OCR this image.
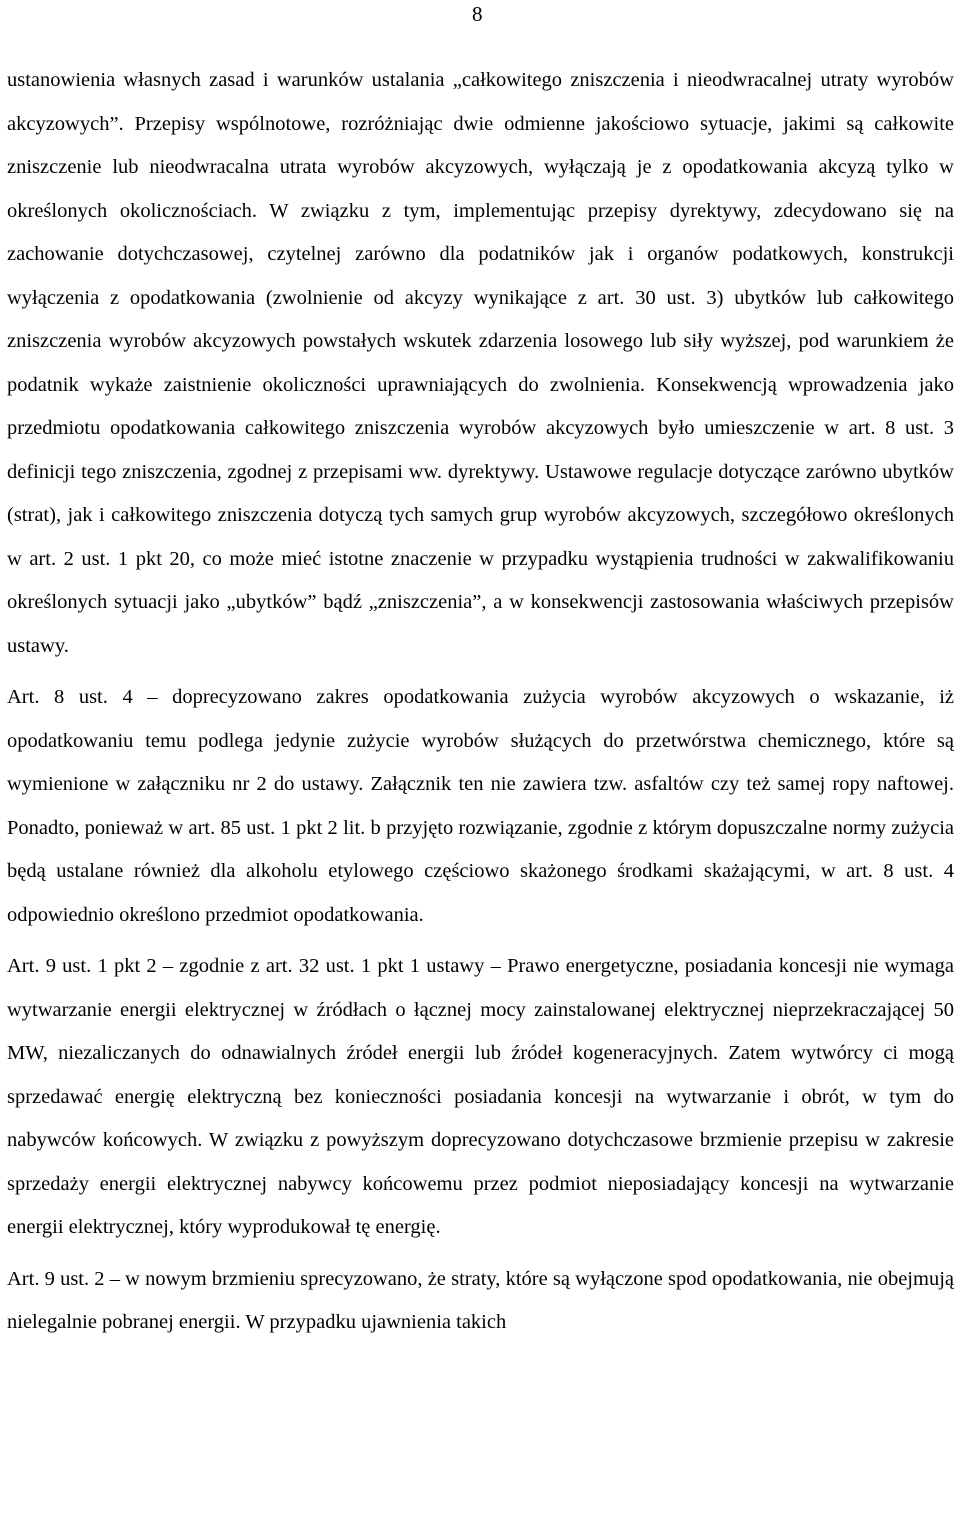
8

ustanowienia własnych zasad i warunków ustalania „całkowitego zniszczenia i nieodwracalnej utraty wyrobów akcyzowych”. Przepisy wspólnotowe, rozróżniając dwie odmienne jakościowo sytuacje, jakimi są całkowite zniszczenie lub nieodwracalna utrata wyrobów akcyzowych, wyłączają je z opodatkowania akcyzą tylko w określonych okolicznościach. W związku z tym, implementując przepisy dyrektywy, zdecydowano się na zachowanie dotychczasowej, czytelnej zarówno dla podatników jak i organów podatkowych, konstrukcji wyłączenia z opodatkowania (zwolnienie od akcyzy wynikające z art. 30 ust. 3) ubytków lub całkowitego zniszczenia wyrobów akcyzowych powstałych wskutek zdarzenia losowego lub siły wyższej, pod warunkiem że podatnik wykaże zaistnienie okoliczności uprawniających do zwolnienia. Konsekwencją wprowadzenia jako przedmiotu opodatkowania całkowitego zniszczenia wyrobów akcyzowych było umieszczenie w art. 8 ust. 3 definicji tego zniszczenia, zgodnej z przepisami ww. dyrektywy. Ustawowe regulacje dotyczące zarówno ubytków (strat), jak i całkowitego zniszczenia dotyczą tych samych grup wyrobów akcyzowych, szczegółowo określonych w art. 2 ust. 1 pkt 20, co może mieć istotne znaczenie w przypadku wystąpienia trudności w zakwalifikowaniu określonych sytuacji jako „ubytków” bądź „zniszczenia”, a w konsekwencji zastosowania właściwych przepisów ustawy.

Art. 8 ust. 4 – doprecyzowano zakres opodatkowania zużycia wyrobów akcyzowych o wskazanie, iż opodatkowaniu temu podlega jedynie zużycie wyrobów służących do przetwórstwa chemicznego, które są wymienione w załączniku nr 2 do ustawy. Załącznik ten nie zawiera tzw. asfaltów czy też samej ropy naftowej. Ponadto, ponieważ w art. 85 ust. 1 pkt 2 lit. b przyjęto rozwiązanie, zgodnie z którym dopuszczalne normy zużycia będą ustalane również dla alkoholu etylowego częściowo skażonego środkami skażającymi, w art. 8 ust. 4 odpowiednio określono przedmiot opodatkowania.

Art. 9 ust. 1 pkt 2 – zgodnie z art. 32 ust. 1 pkt 1 ustawy – Prawo energetyczne, posiadania koncesji nie wymaga wytwarzanie energii elektrycznej w źródłach o łącznej mocy zainstalowanej elektrycznej nieprzekraczającej 50 MW, niezaliczanych do odnawialnych źródeł energii lub źródeł kogeneracyjnych. Zatem wytwórcy ci mogą sprzedawać energię elektryczną bez konieczności posiadania koncesji na wytwarzanie i obrót, w tym do nabywców końcowych. W związku z powyższym doprecyzowano dotychczasowe brzmienie przepisu w zakresie sprzedaży energii elektrycznej nabywcy końcowemu przez podmiot nieposiadający koncesji na wytwarzanie energii elektrycznej, który wyprodukował tę energię.

Art. 9 ust. 2 – w nowym brzmieniu sprecyzowano, że straty, które są wyłączone spod opodatkowania, nie obejmują nielegalnie pobranej energii. W przypadku ujawnienia takich
